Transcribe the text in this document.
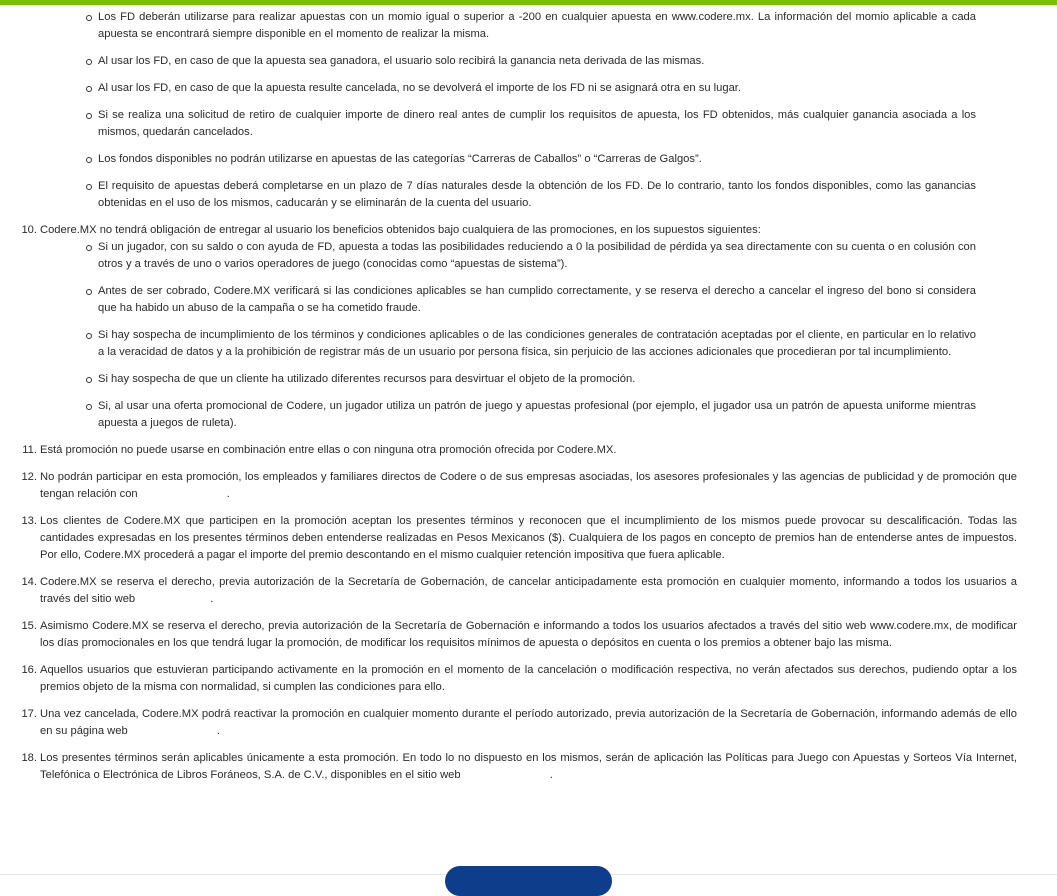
Los FD deberán utilizarse para realizar apuestas con un momio igual o superior a -200 en cualquier apuesta en www.codere.mx. La información del momio aplicable a cada apuesta se encontrará siempre disponible en el momento de realizar la misma.
Al usar los FD, en caso de que la apuesta sea ganadora, el usuario solo recibirá la ganancia neta derivada de las mismas.
Al usar los FD, en caso de que la apuesta resulte cancelada, no se devolverá el importe de los FD ni se asignará otra en su lugar.
Si se realiza una solicitud de retiro de cualquier importe de dinero real antes de cumplir los requisitos de apuesta, los FD obtenidos, más cualquier ganancia asociada a los mismos, quedarán cancelados.
Los fondos disponibles no podrán utilizarse en apuestas de las categorías “Carreras de Caballos” o “Carreras de Galgos”.
El requisito de apuestas deberá completarse en un plazo de 7 días naturales desde la obtención de los FD. De lo contrario, tanto los fondos disponibles, como las ganancias obtenidas en el uso de los mismos, caducarán y se eliminarán de la cuenta del usuario.
10. Codere.MX no tendrá obligación de entregar al usuario los beneficios obtenidos bajo cualquiera de las promociones, en los supuestos siguientes:
Si un jugador, con su saldo o con ayuda de FD, apuesta a todas las posibilidades reduciendo a 0 la posibilidad de pérdida ya sea directamente con su cuenta o en colusión con otros y a través de uno o varios operadores de juego (conocidas como “apuestas de sistema”).
Antes de ser cobrado, Codere.MX verificará si las condiciones aplicables se han cumplido correctamente, y se reserva el derecho a cancelar el ingreso del bono si considera que ha habido un abuso de la campaña o se ha cometido fraude.
Si hay sospecha de incumplimiento de los términos y condiciones aplicables o de las condiciones generales de contratación aceptadas por el cliente, en particular en lo relativo a la veracidad de datos y a la prohibición de registrar más de un usuario por persona física, sin perjuicio de las acciones adicionales que procedieran por tal incumplimiento.
Si hay sospecha de que un cliente ha utilizado diferentes recursos para desvirtuar el objeto de la promoción.
Si, al usar una oferta promocional de Codere, un jugador utiliza un patrón de juego y apuestas profesional (por ejemplo, el jugador usa un patrón de apuesta uniforme mientras apuesta a juegos de ruleta).
11. Está promoción no puede usarse en combinación entre ellas o con ninguna otra promoción ofrecida por Codere.MX.
12. No podrán participar en esta promoción, los empleados y familiares directos de Codere o de sus empresas asociadas, los asesores profesionales y las agencias de publicidad y de promoción que tengan relación con	.
13. Los clientes de Codere.MX que participen en la promoción aceptan los presentes términos y reconocen que el incumplimiento de los mismos puede provocar su descalificación. Todas las cantidades expresadas en los presentes términos deben entenderse realizadas en Pesos Mexicanos ($). Cualquiera de los pagos en concepto de premios han de entenderse antes de impuestos. Por ello, Codere.MX procederá a pagar el importe del premio descontando en el mismo cualquier retención impositiva que fuera aplicable.
14. Codere.MX se reserva el derecho, previa autorización de la Secretaría de Gobernación, de cancelar anticipadamente esta promoción en cualquier momento, informando a todos los usuarios a través del sitio web	.
15. Asimismo Codere.MX se reserva el derecho, previa autorización de la Secretaría de Gobernación e informando a todos los usuarios afectados a través del sitio web www.codere.mx, de modificar los días promocionales en los que tendrá lugar la promoción, de modificar los requisitos mínimos de apuesta o depósitos en cuenta o los premios a obtener bajo las misma.
16. Aquellos usuarios que estuvieran participando activamente en la promoción en el momento de la cancelación o modificación respectiva, no verán afectados sus derechos, pudiendo optar a los premios objeto de la misma con normalidad, si cumplen las condiciones para ello.
17. Una vez cancelada, Codere.MX podrá reactivar la promoción en cualquier momento durante el período autorizado, previa autorización de la Secretaría de Gobernación, informando además de ello en su página web	.
18. Los presentes términos serán aplicables únicamente a esta promoción. En todo lo no dispuesto en los mismos, serán de aplicación las Políticas para Juego con Apuestas y Sorteos Vía Internet, Telefónica o Electrónica de Libros Foráneos, S.A. de C.V., disponibles en el sitio web	.
